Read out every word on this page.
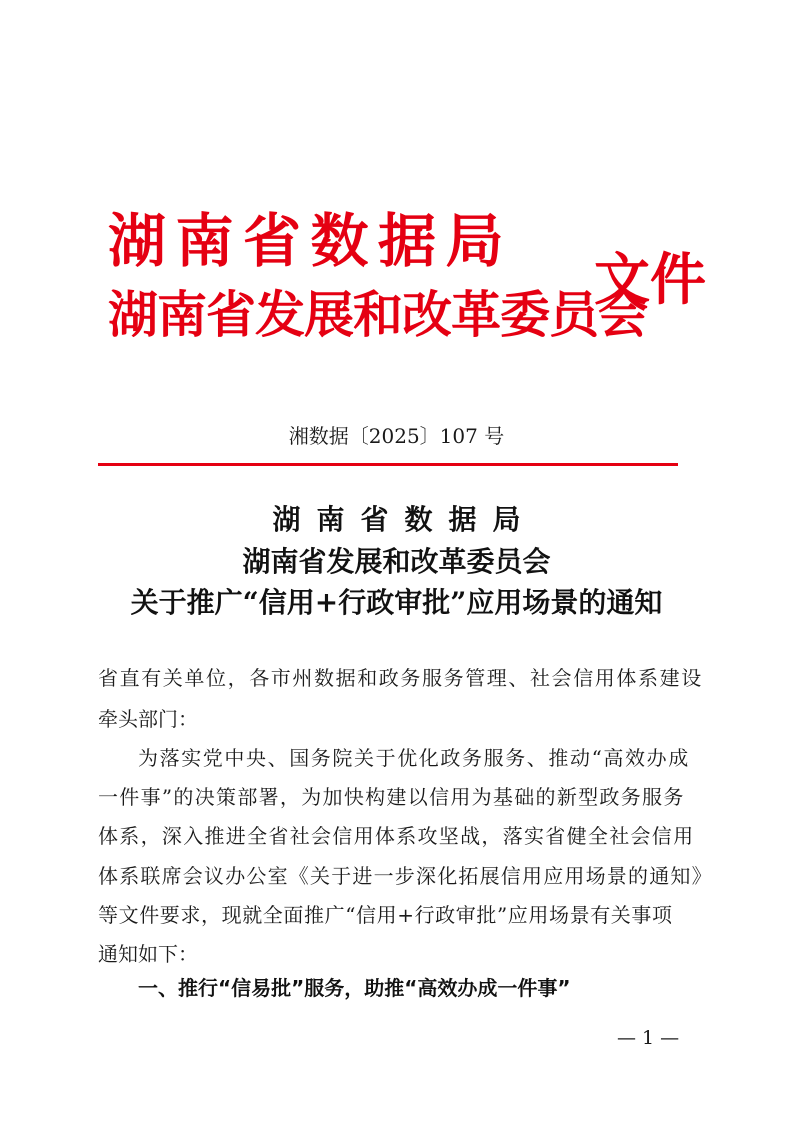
湖南省数据局
湖南省发展和改革委员会
文件
湘数据〔2025〕107 号
湖南省数据局
湖南省发展和改革委员会
关于推广“信用+行政审批”应用场景的通知
省直有关单位，各市州数据和政务服务管理、社会信用体系建设
牵头部门：
为落实党中央、国务院关于优化政务服务、推动“高效办成
一件事”的决策部署，为加快构建以信用为基础的新型政务服务
体系，深入推进全省社会信用体系攻坚战，落实省健全社会信用
体系联席会议办公室《关于进一步深化拓展信用应用场景的通知》
等文件要求，现就全面推广“信用+行政审批”应用场景有关事项
通知如下：
一、推行“信易批”服务，助推“高效办成一件事”
— 1 —
